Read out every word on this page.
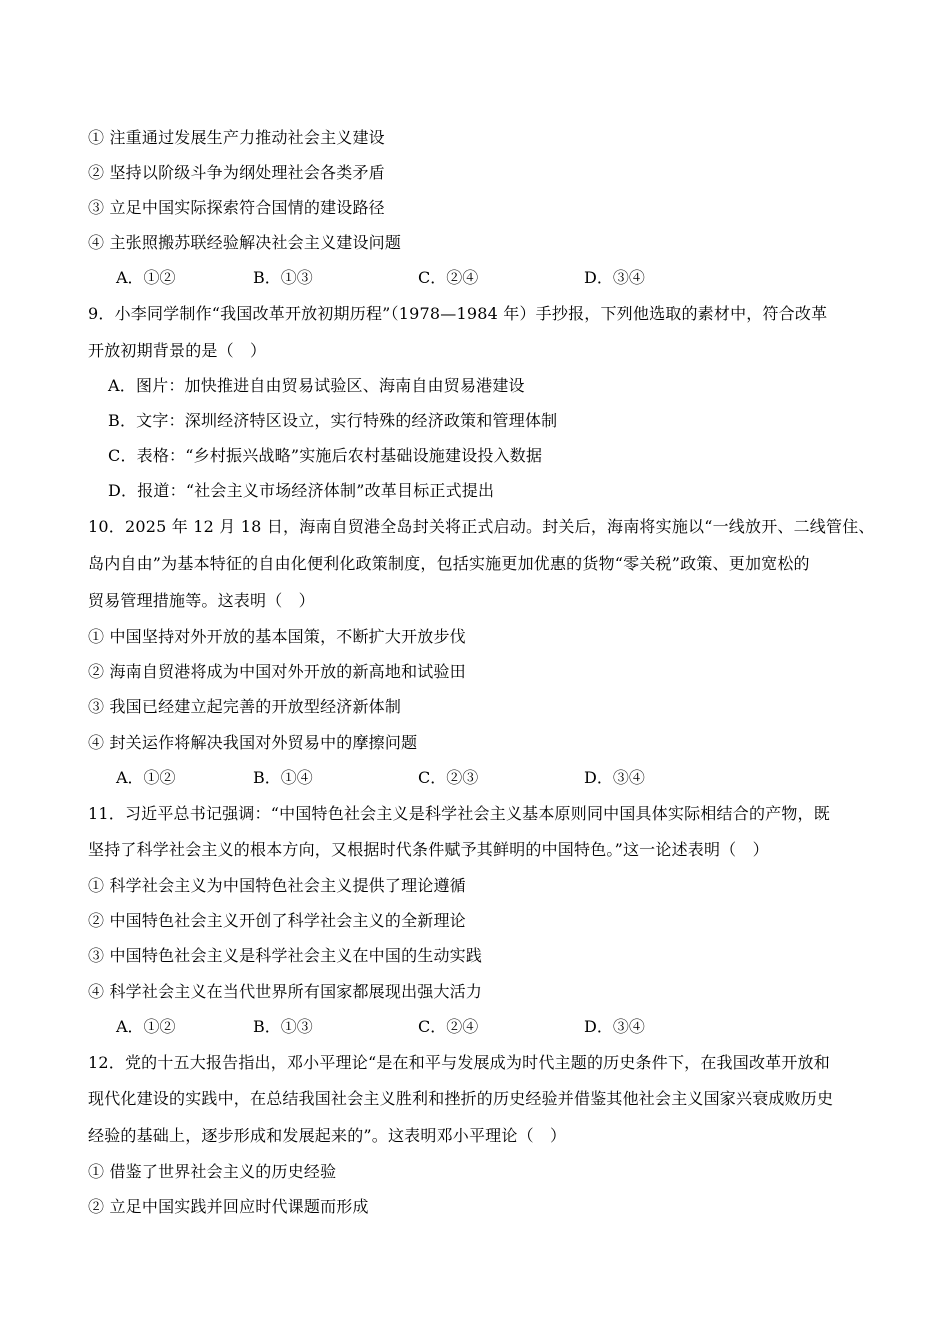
① 注重通过发展生产力推动社会主义建设
② 坚持以阶级斗争为纲处理社会各类矛盾
③ 立足中国实际探索符合国情的建设路径
④ 主张照搬苏联经验解决社会主义建设问题
A．①②	B．①③	C．②④	D．③④
9．小李同学制作“我国改革开放初期历程”（1978—1984 年）手抄报，下列他选取的素材中，符合改革
开放初期背景的是（　）
A．图片：加快推进自由贸易试验区、海南自由贸易港建设
B．文字：深圳经济特区设立，实行特殊的经济政策和管理体制
C．表格：“乡村振兴战略”实施后农村基础设施建设投入数据
D．报道：“社会主义市场经济体制”改革目标正式提出
10．2025 年 12 月 18 日，海南自贸港全岛封关将正式启动。封关后，海南将实施以“一线放开、二线管住、
岛内自由”为基本特征的自由化便利化政策制度，包括实施更加优惠的货物“零关税”政策、更加宽松的
贸易管理措施等。这表明（　）
① 中国坚持对外开放的基本国策，不断扩大开放步伐
② 海南自贸港将成为中国对外开放的新高地和试验田
③ 我国已经建立起完善的开放型经济新体制
④ 封关运作将解决我国对外贸易中的摩擦问题
A．①②	B．①④	C．②③	D．③④
11．习近平总书记强调：“中国特色社会主义是科学社会主义基本原则同中国具体实际相结合的产物，既
坚持了科学社会主义的根本方向，又根据时代条件赋予其鲜明的中国特色。”这一论述表明（　）
① 科学社会主义为中国特色社会主义提供了理论遵循
② 中国特色社会主义开创了科学社会主义的全新理论
③ 中国特色社会主义是科学社会主义在中国的生动实践
④ 科学社会主义在当代世界所有国家都展现出强大活力
A．①②	B．①③	C．②④	D．③④
12．党的十五大报告指出，邓小平理论“是在和平与发展成为时代主题的历史条件下，在我国改革开放和
现代化建设的实践中，在总结我国社会主义胜利和挫折的历史经验并借鉴其他社会主义国家兴衰成败历史
经验的基础上，逐步形成和发展起来的”。这表明邓小平理论（　）
① 借鉴了世界社会主义的历史经验
② 立足中国实践并回应时代课题而形成
